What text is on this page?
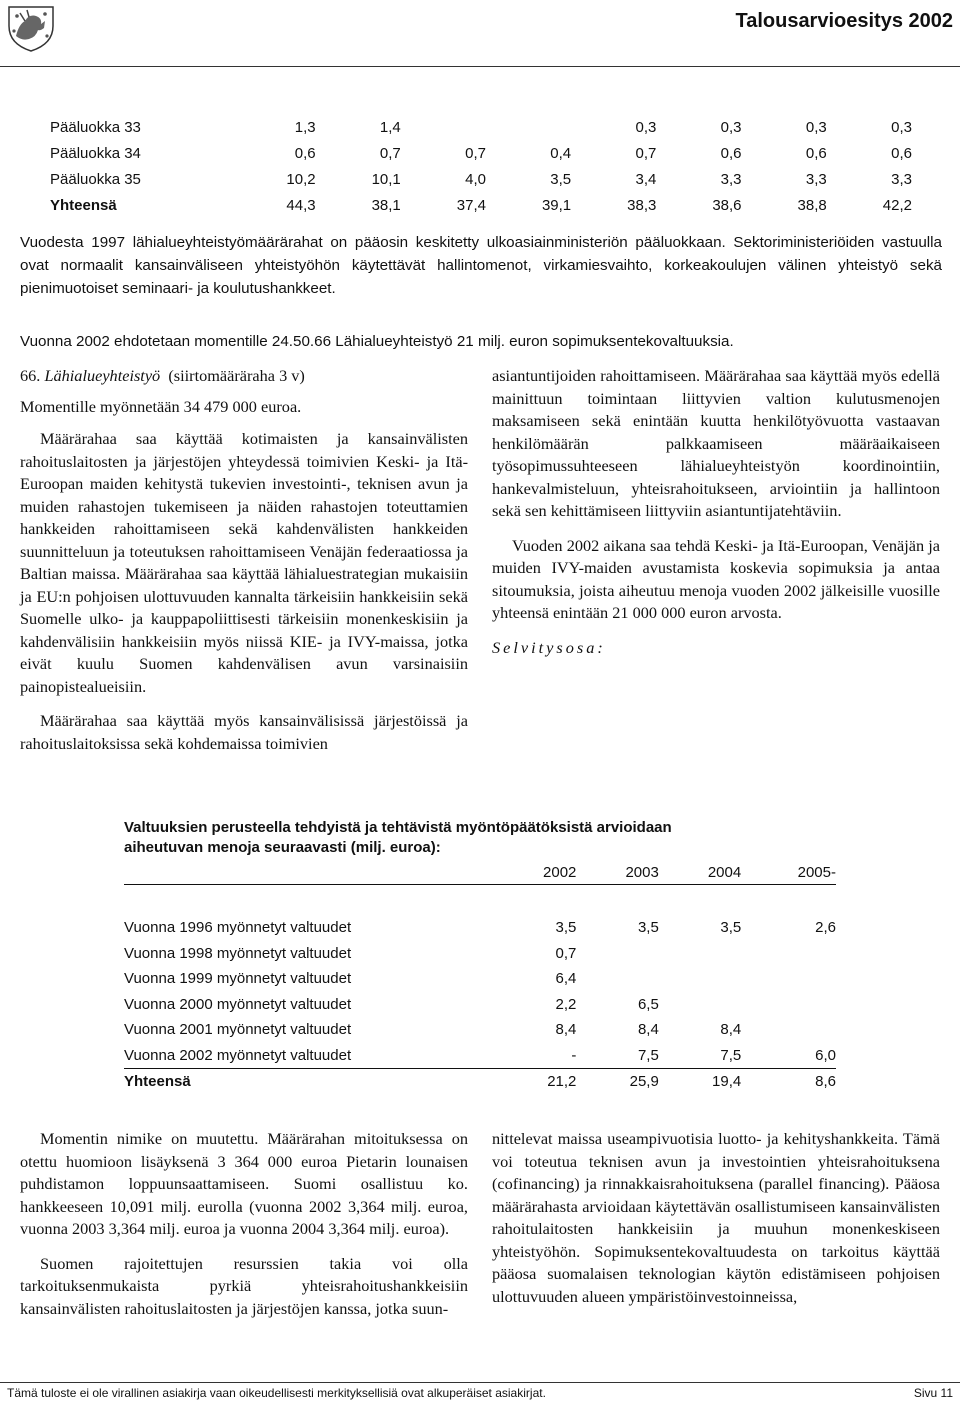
Talousarvioesitys 2002
Pääluokka 33	1,3	1,4			0,3	0,3	0,3	0,3
Pääluokka 34	0,6	0,7	0,7	0,4	0,7	0,6	0,6	0,6
Pääluokka 35	10,2	10,1	4,0	3,5	3,4	3,3	3,3	3,3
Yhteensä	44,3	38,1	37,4	39,1	38,3	38,6	38,8	42,2

Vuodesta 1997 lähialueyhteistyömäärärahat on pääosin keskitetty ulkoasiainministeriön pääluokkaan. Sektoriministeriöiden vastuulla ovat normaalit kansainväliseen yhteistyöhön käytettävät hallintomenot, virkamiesvaihto, korkeakoulujen välinen yhteistyö sekä pienimuotoiset seminaari- ja koulutushankkeet.

Vuonna 2002 ehdotetaan momentille 24.50.66 Lähialueyhteistyö 21 milj. euron sopimuksentekovaltuuksia.

66. Lähialueyhteistyö (siirtomääräraha 3 v)

Momentille myönnetään 34 479 000 euroa.

Määrärahaa saa käyttää kotimaisten ja kansainvälisten rahoituslaitosten ja järjestöjen yhteydessä toimivien Keski- ja Itä-Euroopan maiden kehitystä tukevien investointi-, teknisen avun ja muiden rahastojen tukemiseen ja näiden rahastojen toteuttamien hankkeiden rahoittamiseen sekä kahdenvälisten hankkeiden suunnitteluun ja toteutuksen rahoittamiseen Venäjän federaatiossa ja Baltian maissa. Määrärahaa saa käyttää lähialuestrategian mukaisiin ja EU:n pohjoisen ulottuvuuden kannalta tärkeisiin hankkeisiin sekä Suomelle ulko- ja kauppapoliittisesti tärkeisiin monenkeskisiin ja kahdenvälisiin hankkeisiin myös niissä KIE- ja IVY-maissa, jotka eivät kuulu Suomen kahdenvälisen avun varsinaisiin painopistealueisiin.

Määrärahaa saa käyttää myös kansainvälisissä järjestöissä ja rahoituslaitoksissa sekä kohdemaissa toimivien

asiantuntijoiden rahoittamiseen. Määrärahaa saa käyttää myös edellä mainittuun toimintaan liittyvien valtion kulutusmenojen maksamiseen sekä enintään kuutta henkilötyövuotta vastaavan henkilömäärän palkkaamiseen määräaikaiseen työsopimussuhteeseen lähialueyhteistyön koordinointiin, hankevalmisteluun, yhteisrahoitukseen, arviointiin ja hallintoon sekä sen kehittämiseen liittyviin asiantuntijatehtäviin.

Vuoden 2002 aikana saa tehdä Keski- ja Itä-Euroopan, Venäjän ja muiden IVY-maiden avustamista koskevia sopimuksia ja antaa sitoumuksia, joista aiheutuu menoja vuoden 2002 jälkeisille vuosille yhteensä enintään 21 000 000 euron arvosta.

Selvitysosa:

Valtuuksien perusteella tehdyistä ja tehtävistä myöntöpäätöksistä arvioidaan
aiheutuvan menoja seuraavasti (milj. euroa):
	2002	2003	2004	2005-

Vuonna 1996 myönnetyt valtuudet	3,5	3,5	3,5	2,6
Vuonna 1998 myönnetyt valtuudet	0,7			
Vuonna 1999 myönnetyt valtuudet	6,4			
Vuonna 2000 myönnetyt valtuudet	2,2	6,5		
Vuonna 2001 myönnetyt valtuudet	8,4	8,4	8,4	
Vuonna 2002 myönnetyt valtuudet	-	7,5	7,5	6,0
Yhteensä	21,2	25,9	19,4	8,6

Momentin nimike on muutettu. Määrärahan mitoituksessa on otettu huomioon lisäyksenä 3 364 000 euroa Pietarin lounaisen puhdistamon loppuunsaattamiseen. Suomi osallistuu ko. hankkeeseen 10,091 milj. eurolla (vuonna 2002 3,364 milj. euroa, vuonna 2003 3,364 milj. euroa ja vuonna 2004 3,364 milj. euroa).

Suomen rajoitettujen resurssien takia voi olla tarkoituksenmukaista pyrkiä yhteisrahoitushankkeisiin kansainvälisten rahoituslaitosten ja järjestöjen kanssa, jotka suun-

nittelevat maissa useampivuotisia luotto- ja kehityshankkeita. Tämä voi toteutua teknisen avun ja investointien yhteisrahoituksena (cofinancing) ja rinnakkaisrahoituksena (parallel financing). Pääosa määrärahasta arvioidaan käytettävän osallistumiseen kansainvälisten rahoitulaitosten hankkeisiin ja muuhun monenkeskiseen yhteistyöhön. Sopimuksentekovaltuudesta on tarkoitus käyttää pääosa suomalaisen teknologian käytön edistämiseen pohjoisen ulottuvuuden alueen ympäristöinvestoinneissa,

Tämä tuloste ei ole virallinen asiakirja vaan oikeudellisesti merkityksellisiä ovat alkuperäiset asiakirjat.	Sivu 11
